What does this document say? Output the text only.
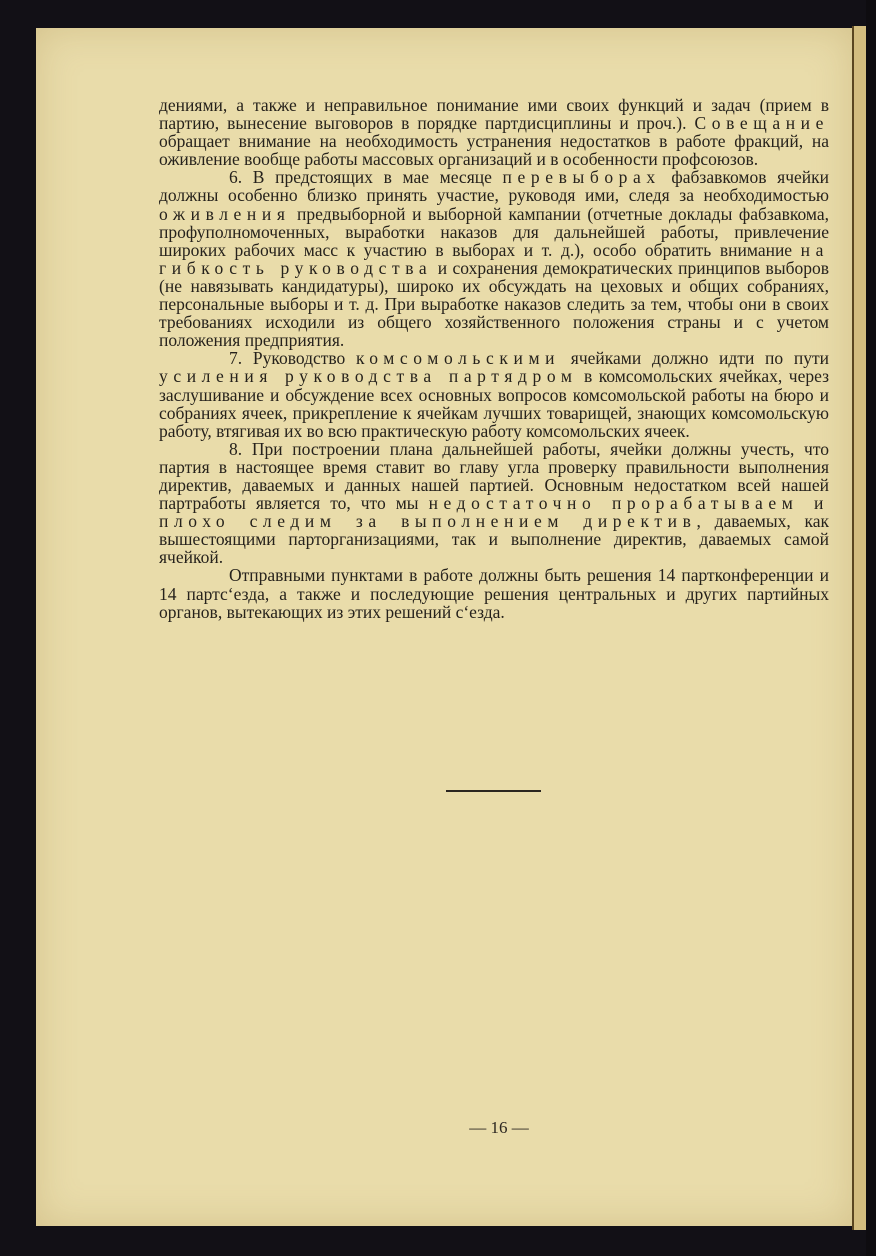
дениями, а также и неправильное понимание ими своих функций и задач (прием в партию, вынесение выговоров в порядке партдисциплины и проч.). Совещание обращает внимание на необходимость устранения недостатков в работе фракций, на оживление вообще работы массовых организаций и в особенности профсоюзов.

6. В предстоящих в мае месяце перевыборах фабзавкомов ячейки должны особенно близко принять участие, руководя ими, следя за необходимостью оживления предвыборной и выборной кампании (отчетные доклады фабзавкома, профуполномоченных, выработки наказов для дальнейшей работы, привлечение широких рабочих масс к участию в выборах и т. д.), особо обратить внимание на гибкость руководства и сохранения демократических принципов выборов (не навязывать кандидатуры), широко их обсуждать на цеховых и общих собраниях, персональные выборы и т. д. При выработке наказов следить за тем, чтобы они в своих требованиях исходили из общего хозяйственного положения страны и с учетом положения предприятия.

7. Руководство комсомольскими ячейками должно идти по пути усиления руководства партядром в комсомольских ячейках, через заслушивание и обсуждение всех основных вопросов комсомольской работы на бюро и собраниях ячеек, прикрепление к ячейкам лучших товарищей, знающих комсомольскую работу, втягивая их во всю практическую работу комсомольских ячеек.

8. При построении плана дальнейшей работы, ячейки должны учесть, что партия в настоящее время ставит во главу угла проверку правильности выполнения директив, даваемых и данных нашей партией. Основным недостатком всей нашей партработы является то, что мы недостаточно прорабатываем и плохо следим за выполнением директив, даваемых, как вышестоящими парторганизациями, так и выполнение директив, даваемых самой ячейкой.

Отправными пунктами в работе должны быть решения 14 партконференции и 14 партс‘езда, а также и последующие решения центральных и других партийных органов, вытекающих из этих решений с‘езда.

— 16 —
